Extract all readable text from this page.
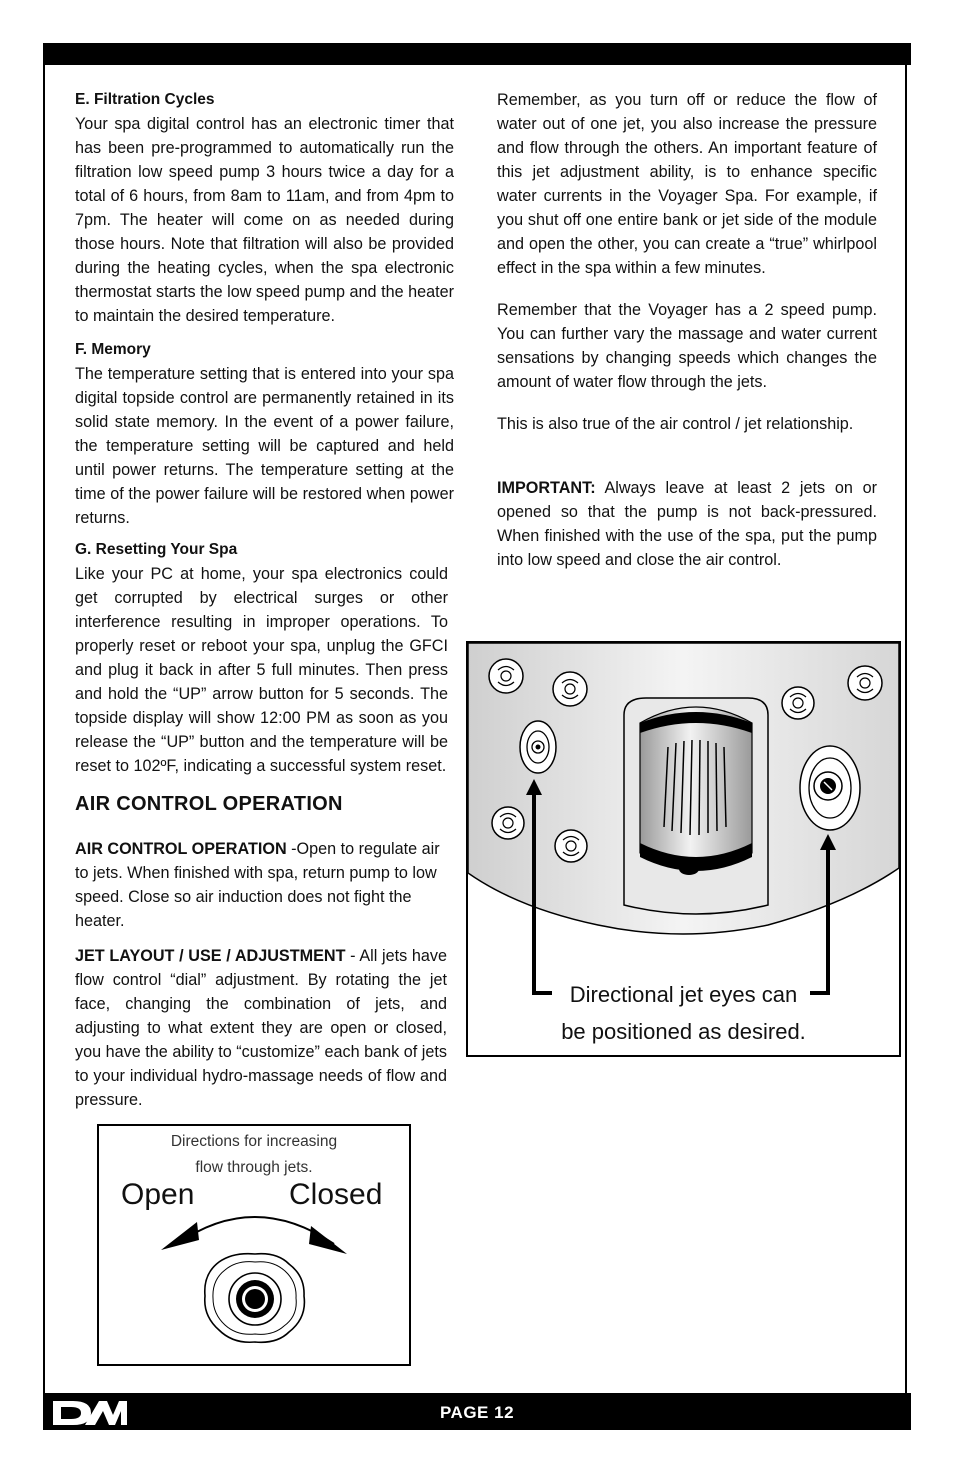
E. Filtration Cycles

Your spa digital control has an electronic timer that has been pre-programmed to automatically run the filtration low speed pump 3 hours twice a day for a total of 6 hours, from 8am to 11am, and from 4pm to 7pm. The heater will come on as needed during those hours. Note that filtration will also be provided during the heating cycles, when the spa electronic thermostat starts the low speed pump and the heater to maintain the desired temperature.

F. Memory

The temperature setting that is entered into your spa digital topside control are permanently retained in its solid state memory. In the event of a power failure, the temperature setting will be captured and held until power returns. The temperature setting at the time of the power failure will be restored when power returns.

G. Resetting Your Spa

Like your PC at home, your spa electronics could get corrupted by electrical surges or other interference resulting in improper operations. To properly reset or reboot your spa, unplug the GFCI and plug it back in after 5 full minutes. Then press and hold the “UP” arrow button for 5 seconds. The topside display will show 12:00 PM as soon as you release the “UP” button and the temperature will be reset to 102ºF, indicating a successful system reset.

AIR CONTROL OPERATION

AIR CONTROL OPERATION -Open to regulate air to jets. When finished with spa, return pump to low speed. Close so air induction does not fight the heater.

JET LAYOUT / USE / ADJUSTMENT - All jets have flow control “dial” adjustment. By rotating the jet face, changing the combination of jets, and adjusting to what extent they are open or closed, you have the ability to “customize” each bank of jets to your individual hydro-massage needs of flow and pressure.

Remember, as you turn off or reduce the flow of water out of one jet, you also increase the pressure and flow through the others. An important feature of this jet adjustment ability, is to enhance specific water currents in the Voyager Spa. For example, if you shut off one entire bank or jet side of the module and open the other, you can create a “true” whirlpool effect in the spa within a few minutes.

Remember that the Voyager has a 2 speed pump. You can further vary the massage and water current sensations by changing speeds which changes the amount of water flow through the jets.

This is also true of the air control / jet relationship.

IMPORTANT: Always leave at least 2 jets on or opened so that the pump is not back-pressured. When finished with the use of the spa, put the pump into low speed and close the air control.

Directions for increasing
flow through jets.
Open	Closed
Directional jet eyes can
be positioned as desired.
PAGE 12
